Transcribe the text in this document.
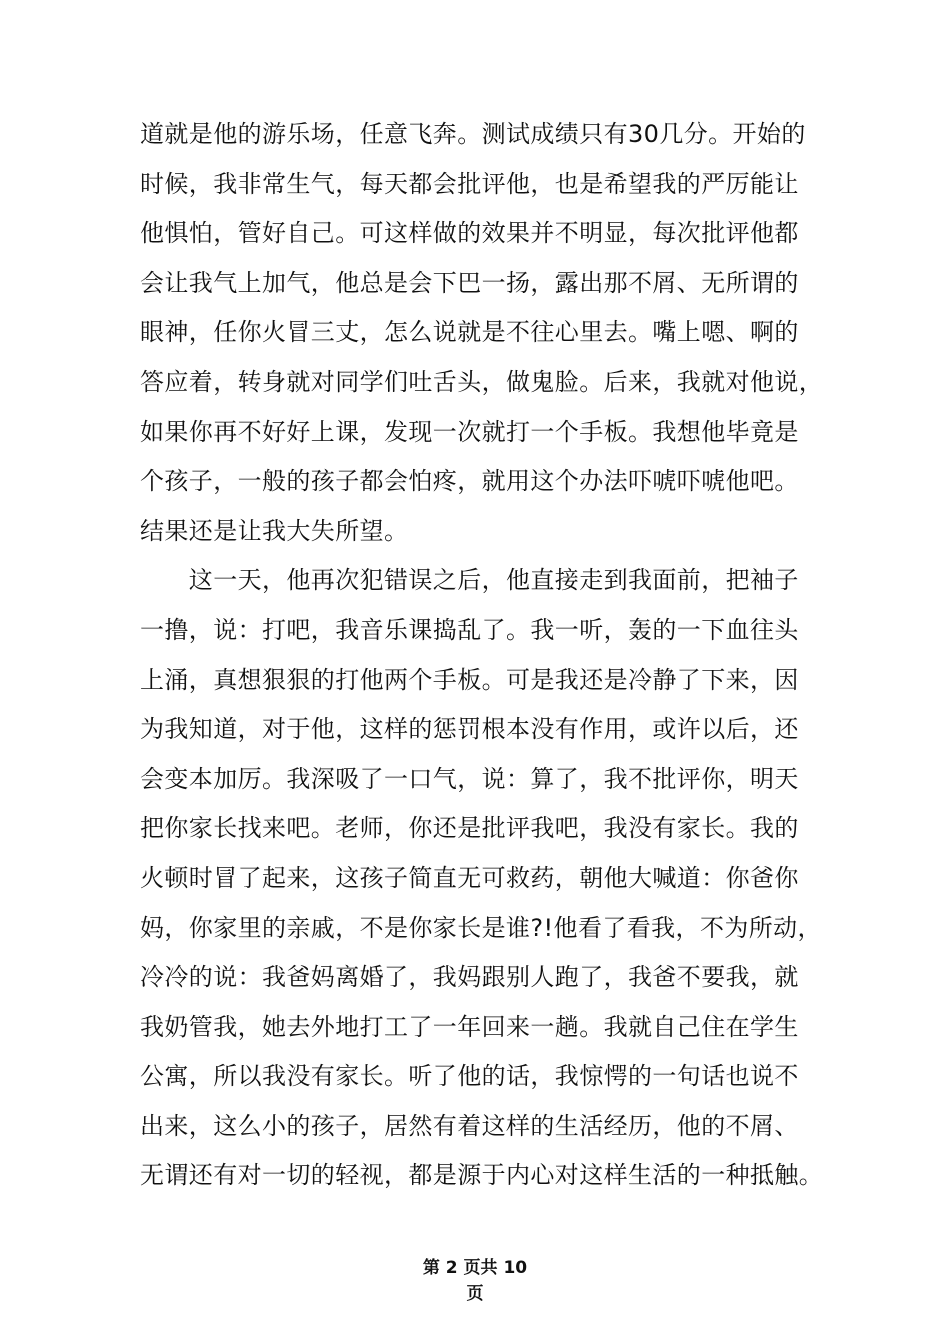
道就是他的游乐场，任意飞奔。测试成绩只有30几分。开始的
时候，我非常生气，每天都会批评他，也是希望我的严厉能让
他惧怕，管好自己。可这样做的效果并不明显，每次批评他都
会让我气上加气，他总是会下巴一扬，露出那不屑、无所谓的
眼神，任你火冒三丈，怎么说就是不往心里去。嘴上嗯、啊的
答应着，转身就对同学们吐舌头，做鬼脸。后来，我就对他说，
如果你再不好好上课，发现一次就打一个手板。我想他毕竟是
个孩子，一般的孩子都会怕疼，就用这个办法吓唬吓唬他吧。
结果还是让我大失所望。
　　这一天，他再次犯错误之后，他直接走到我面前，把袖子
一撸，说：打吧，我音乐课捣乱了。我一听，轰的一下血往头
上涌，真想狠狠的打他两个手板。可是我还是冷静了下来，因
为我知道，对于他，这样的惩罚根本没有作用，或许以后，还
会变本加厉。我深吸了一口气，说：算了，我不批评你，明天
把你家长找来吧。老师，你还是批评我吧，我没有家长。我的
火顿时冒了起来，这孩子简直无可救药，朝他大喊道：你爸你
妈，你家里的亲戚，不是你家长是谁?!他看了看我，不为所动，
冷冷的说：我爸妈离婚了，我妈跟别人跑了，我爸不要我，就
我奶管我，她去外地打工了一年回来一趟。我就自己住在学生
公寓，所以我没有家长。听了他的话，我惊愕的一句话也说不
出来，这么小的孩子，居然有着这样的生活经历，他的不屑、
无谓还有对一切的轻视，都是源于内心对这样生活的一种抵触。
第 2 页共 10
页
